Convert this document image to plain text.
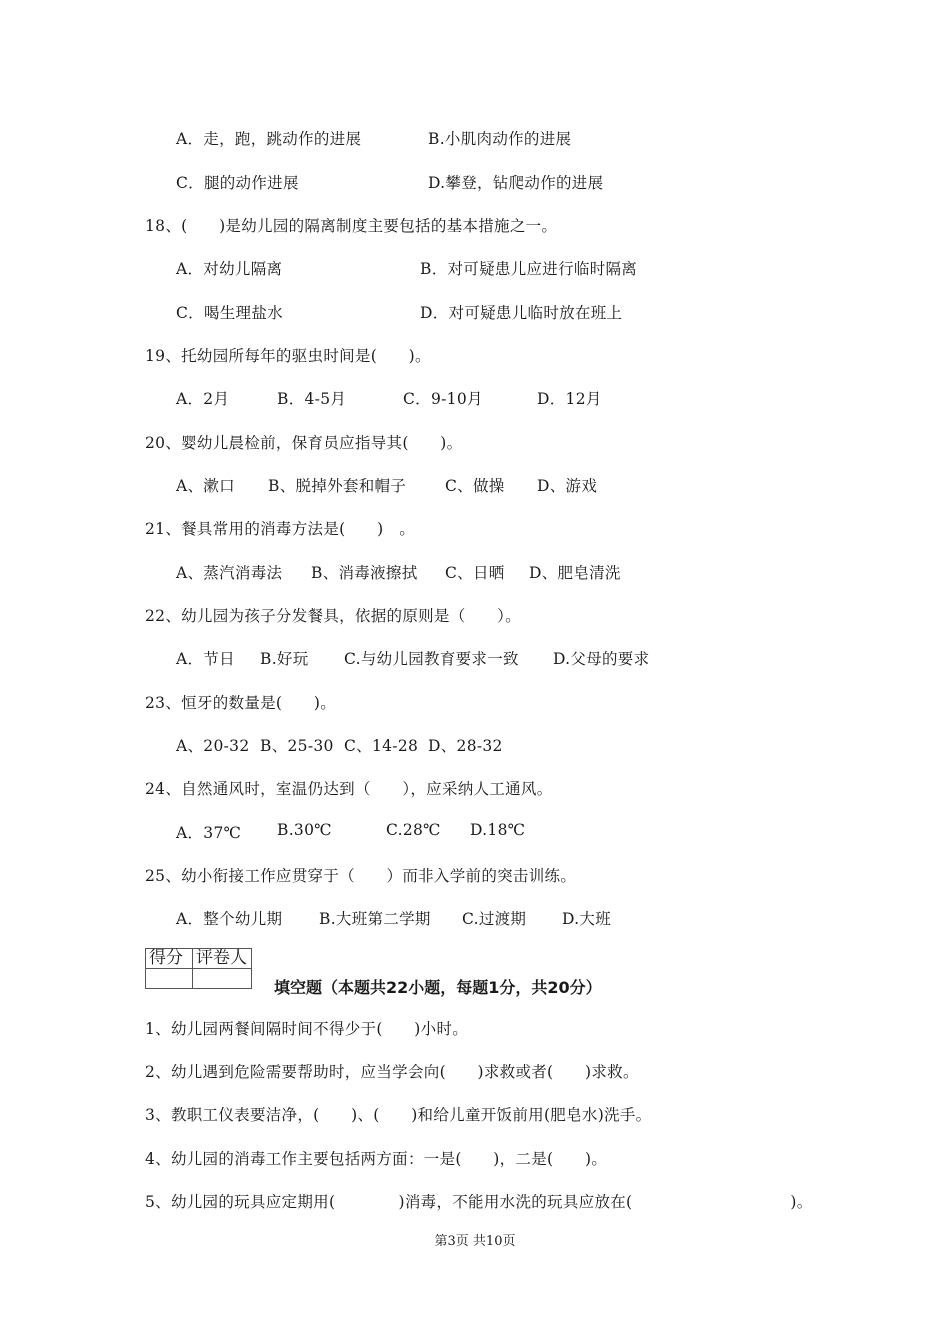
A．走，跑，跳动作的进展	B.小肌肉动作的进展
C．腿的动作进展	D.攀登，钻爬动作的进展
18、(　　)是幼儿园的隔离制度主要包括的基本措施之一。
A．对幼儿隔离	B．对可疑患儿应进行临时隔离
C．喝生理盐水	D．对可疑患儿临时放在班上
19、托幼园所每年的驱虫时间是(　　)。
A．2月	B．4-5月	C．9-10月	D．12月
20、婴幼儿晨检前，保育员应指导其(　　)。
A、漱口 B、脱掉外套和帽子	C、做操 D、游戏
21、餐具常用的消毒方法是(　　)　。
A、蒸汽消毒法 B、消毒液擦拭 C、日晒 D、肥皂清洗
22、幼儿园为孩子分发餐具，依据的原则是（　　）。
A．节日 B.好玩 C.与幼儿园教育要求一致 D.父母的要求
23、恒牙的数量是(　　)。
A、20-32 B、25-30 C、14-28 D、28-32
24、自然通风时，室温仍达到（　　），应采纳人工通风。
A．37℃ B.30℃	C.28℃ D.18℃
25、幼小衔接工作应贯穿于（　　）而非入学前的突击训练。
A．整个幼儿期 B.大班第二学期 C.过渡期 D.大班
得分	评卷人

填空题（本题共22小题，每题1分，共20分）
1、幼儿园两餐间隔时间不得少于(　　)小时。
2、幼儿遇到危险需要帮助时，应当学会向(　　)求救或者(　　)求救。
3、教职工仪表要洁净，(　　)、(　　)和给儿童开饭前用(肥皂水)洗手。
4、幼儿园的消毒工作主要包括两方面：一是(　　)，二是(　　)。
5、幼儿园的玩具应定期用(　　　　)消毒，不能用水洗的玩具应放在(　　　　　　　　　　)。
第3页 共10页
